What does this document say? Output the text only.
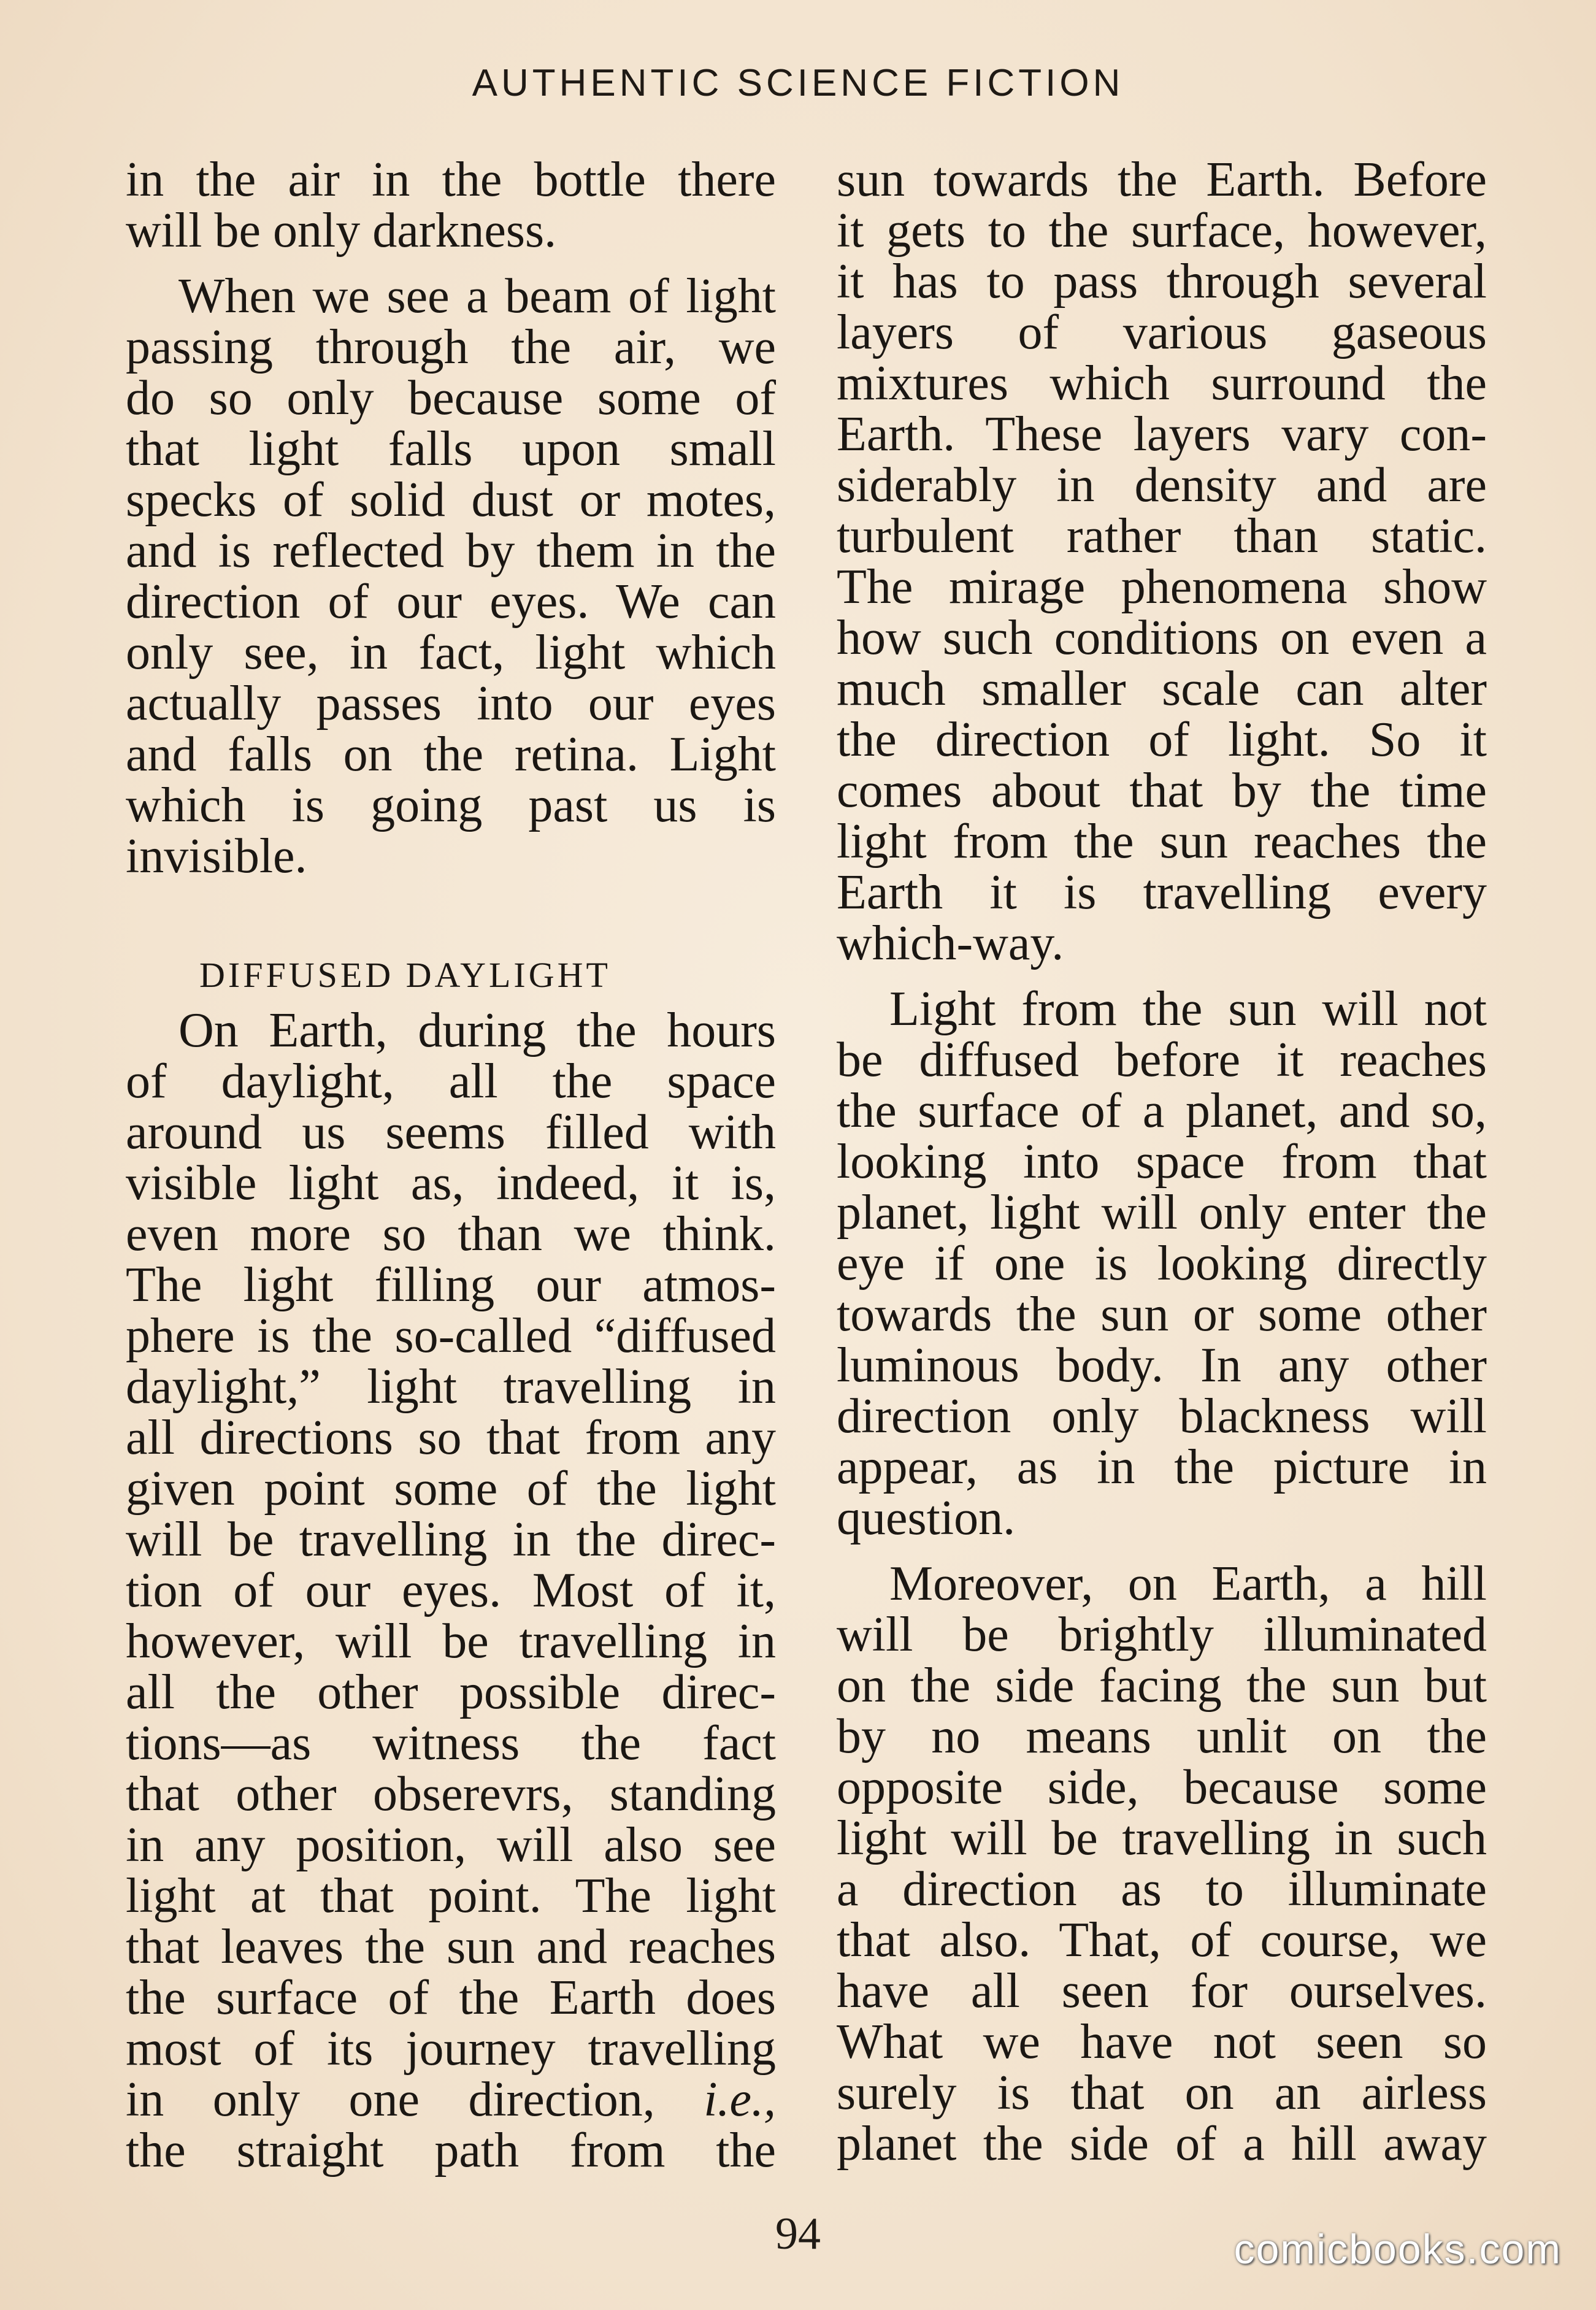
AUTHENTIC SCIENCE FICTION
in the air in the bottle there
will be only darkness.
When we see a beam of light
passing through the air, we
do so only because some of
that light falls upon small
specks of solid dust or motes,
and is reflected by them in the
direction of our eyes. We can
only see, in fact, light which
actually passes into our eyes
and falls on the retina. Light
which is going past us is
invisible.
DIFFUSED DAYLIGHT
On Earth, during the hours
of daylight, all the space
around us seems filled with
visible light as, indeed, it is,
even more so than we think.
The light filling our atmos-
phere is the so-called “diffused
daylight,” light travelling in
all directions so that from any
given point some of the light
will be travelling in the direc-
tion of our eyes. Most of it,
however, will be travelling in
all the other possible direc-
tions—as witness the fact
that other obserevrs, standing
in any position, will also see
light at that point. The light
that leaves the sun and reaches
the surface of the Earth does
most of its journey travelling
in only one direction, i.e.,
the straight path from the
sun towards the Earth. Before
it gets to the surface, however,
it has to pass through several
layers of various gaseous
mixtures which surround the
Earth. These layers vary con-
siderably in density and are
turbulent rather than static.
The mirage phenomena show
how such conditions on even a
much smaller scale can alter
the direction of light. So it
comes about that by the time
light from the sun reaches the
Earth it is travelling every
which-way.
Light from the sun will not
be diffused before it reaches
the surface of a planet, and so,
looking into space from that
planet, light will only enter the
eye if one is looking directly
towards the sun or some other
luminous body. In any other
direction only blackness will
appear, as in the picture in
question.
Moreover, on Earth, a hill
will be brightly illuminated
on the side facing the sun but
by no means unlit on the
opposite side, because some
light will be travelling in such
a direction as to illuminate
that also. That, of course, we
have all seen for ourselves.
What we have not seen so
surely is that on an airless
planet the side of a hill away
94	comicbooks.com
